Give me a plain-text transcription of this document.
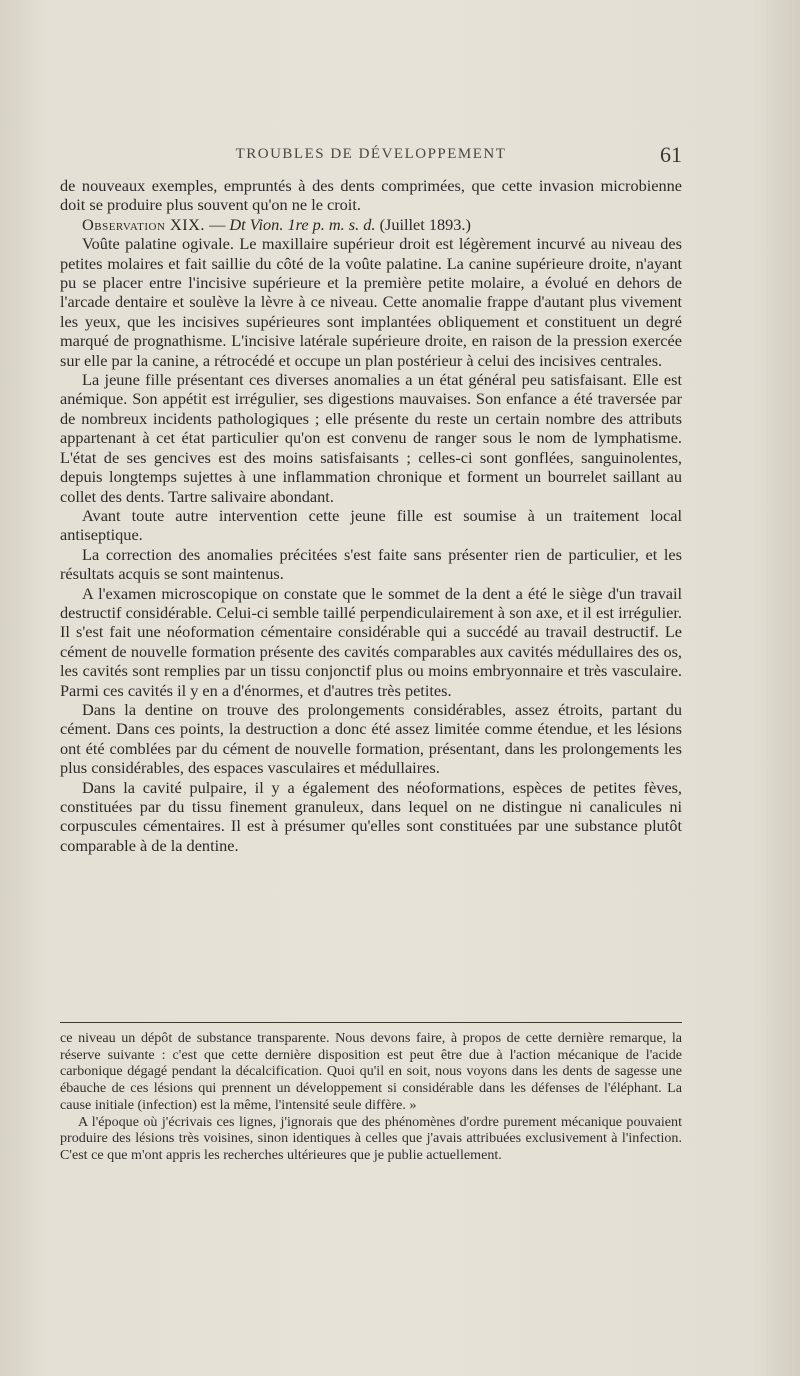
TROUBLES DE DÉVELOPPEMENT	61

de nouveaux exemples, empruntés à des dents comprimées, que cette invasion microbienne doit se produire plus souvent qu'on ne le croit.

Observation XIX. — Dt Vion. 1re p. m. s. d. (Juillet 1893.)

Voûte palatine ogivale. Le maxillaire supérieur droit est légèrement incurvé au niveau des petites molaires et fait saillie du côté de la voûte palatine. La canine supérieure droite, n'ayant pu se placer entre l'incisive supérieure et la première petite molaire, a évolué en dehors de l'arcade dentaire et soulève la lèvre à ce niveau. Cette anomalie frappe d'autant plus vivement les yeux, que les incisives supérieures sont implantées obliquement et constituent un degré marqué de prognathisme. L'incisive latérale supérieure droite, en raison de la pression exercée sur elle par la canine, a rétrocédé et occupe un plan postérieur à celui des incisives centrales.

La jeune fille présentant ces diverses anomalies a un état général peu satisfaisant. Elle est anémique. Son appétit est irrégulier, ses digestions mauvaises. Son enfance a été traversée par de nombreux incidents pathologiques ; elle présente du reste un certain nombre des attributs appartenant à cet état particulier qu'on est convenu de ranger sous le nom de lymphatisme. L'état de ses gencives est des moins satisfaisants ; celles-ci sont gonflées, sanguinolentes, depuis longtemps sujettes à une inflammation chronique et forment un bourrelet saillant au collet des dents. Tartre salivaire abondant.

Avant toute autre intervention cette jeune fille est soumise à un traitement local antiseptique.

La correction des anomalies précitées s'est faite sans présenter rien de particulier, et les résultats acquis se sont maintenus.

A l'examen microscopique on constate que le sommet de la dent a été le siège d'un travail destructif considérable. Celui-ci semble taillé perpendiculairement à son axe, et il est irrégulier. Il s'est fait une néoformation cémentaire considérable qui a succédé au travail destructif. Le cément de nouvelle formation présente des cavités comparables aux cavités médullaires des os, les cavités sont remplies par un tissu conjonctif plus ou moins embryonnaire et très vasculaire. Parmi ces cavités il y en a d'énormes, et d'autres très petites.

Dans la dentine on trouve des prolongements considérables, assez étroits, partant du cément. Dans ces points, la destruction a donc été assez limitée comme étendue, et les lésions ont été comblées par du cément de nouvelle formation, présentant, dans les prolongements les plus considérables, des espaces vasculaires et médullaires.

Dans la cavité pulpaire, il y a également des néoformations, espèces de petites fèves, constituées par du tissu finement granuleux, dans lequel on ne distingue ni canalicules ni corpuscules cémentaires. Il est à présumer qu'elles sont constituées par une substance plutôt comparable à de la dentine.

ce niveau un dépôt de substance transparente. Nous devons faire, à propos de cette dernière remarque, la réserve suivante : c'est que cette dernière disposition est peut être due à l'action mécanique de l'acide carbonique dégagé pendant la décalcification. Quoi qu'il en soit, nous voyons dans les dents de sagesse une ébauche de ces lésions qui prennent un développement si considérable dans les défenses de l'éléphant. La cause initiale (infection) est la même, l'intensité seule diffère. »

A l'époque où j'écrivais ces lignes, j'ignorais que des phénomènes d'ordre purement mécanique pouvaient produire des lésions très voisines, sinon identiques à celles que j'avais attribuées exclusivement à l'infection. C'est ce que m'ont appris les recherches ultérieures que je publie actuellement.
